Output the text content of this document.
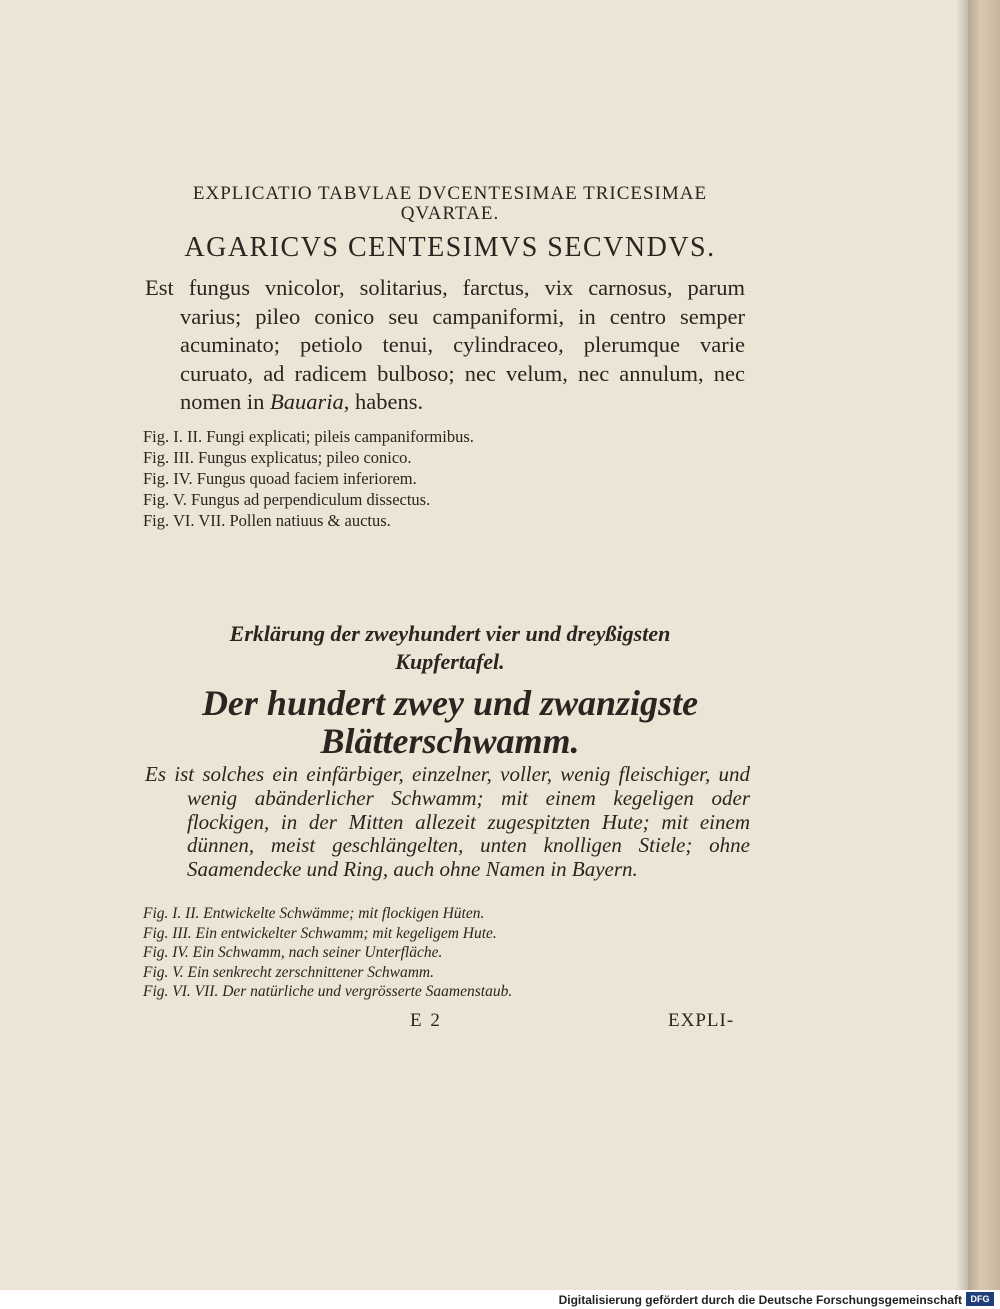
EXPLICATIO TABVLAE DVCENTESIMAE TRICESIMAE QVARTAE.
AGARICVS CENTESIMVS SECVNDVS.

Est fungus vnicolor, solitarius, farctus, vix carnosus, parum varius; pileo conico seu campaniformi, in centro semper acuminato; petiolo tenui, cylindraceo, plerumque varie curuato, ad radicem bulboso; nec velum, nec annulum, nec nomen in Bauaria, habens.

Fig. I. II. Fungi explicati; pileis campaniformibus.
Fig. III. Fungus explicatus; pileo conico.
Fig. IV. Fungus quoad faciem inferiorem.
Fig. V. Fungus ad perpendiculum dissectus.
Fig. VI. VII. Pollen natiuus & auctus.
Erklärung der zweyhundert vier und dreyßigsten Kupfertafel.
Der hundert zwey und zwanzigste Blätterschwamm.

Es ist solches ein einfärbiger, einzelner, voller, wenig fleischiger, und wenig abänderlicher Schwamm; mit einem kegeligen oder flockigen, in der Mitten allezeit zugespitzten Hute; mit einem dünnen, meist geschlängelten, unten knolligen Stiele; ohne Saamendecke und Ring, auch ohne Namen in Bayern.

Fig. I. II. Entwickelte Schwämme; mit flockigen Hüten.
Fig. III. Ein entwickelter Schwamm; mit kegeligem Hute.
Fig. IV. Ein Schwamm, nach seiner Unterfläche.
Fig. V. Ein senkrecht zerschnittener Schwamm.
Fig. VI. VII. Der natürliche und vergrösserte Saamenstaub.
E 2	EXPLI-
Digitalisierung gefördert durch die Deutsche Forschungsgemeinschaft DFG
